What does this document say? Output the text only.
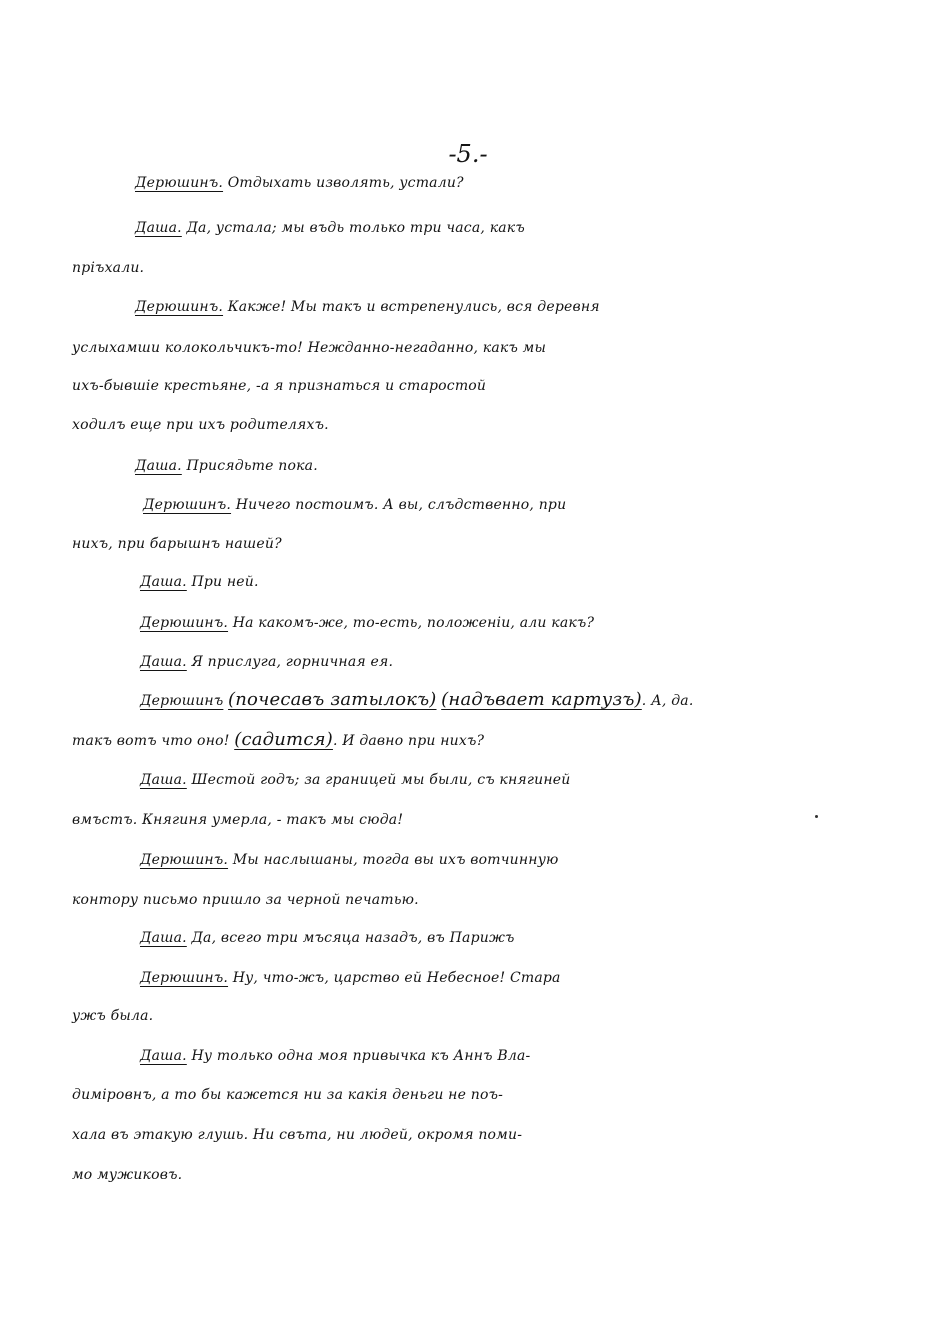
-5.-
Дерюшинъ. Отдыхать изволять, устали?
Даша. Да, устала; мы въдь только три часа, какъ
пріъхали.
Дерюшинъ. Какже! Мы такъ и встрепенулись, вся деревня
услыхамши колокольчикъ-то! Нежданно-негаданно, какъ мы
ихъ-бывшіе крестьяне, -а я признаться и старостой
ходилъ еще при ихъ родителяхъ.
Даша. Присядьте пока.
Дерюшинъ. Ничего постоимъ. А вы, слъдственно, при
нихъ, при барышнъ нашей?
Даша. При ней.
Дерюшинъ. На какомъ-же, то-есть, положеніи, али какъ?
Даша. Я прислуга, горничная ея.
Дерюшинъ (почесавъ затылокъ) (надъвает картузъ). А, да.
такъ вотъ что оно! (садится). И давно при нихъ?
Даша. Шестой годъ; за границей мы были, съ княгиней
вмъстъ. Княгиня умерла, - такъ мы сюда!
Дерюшинъ. Мы наслышаны, тогда вы ихъ вотчинную
контору письмо пришло за черной печатью.
Даша. Да, всего три мъсяца назадъ, въ Парижъ
Дерюшинъ. Ну, что-жъ, царство ей Небесное! Стара
ужъ была.
Даша. Ну только одна моя привычка къ Аннъ Вла-
диміровнъ, а то бы кажется ни за какія деньги не поъ-
хала въ этакую глушь. Ни свъта, ни людей, окромя поми-
мо мужиковъ.
